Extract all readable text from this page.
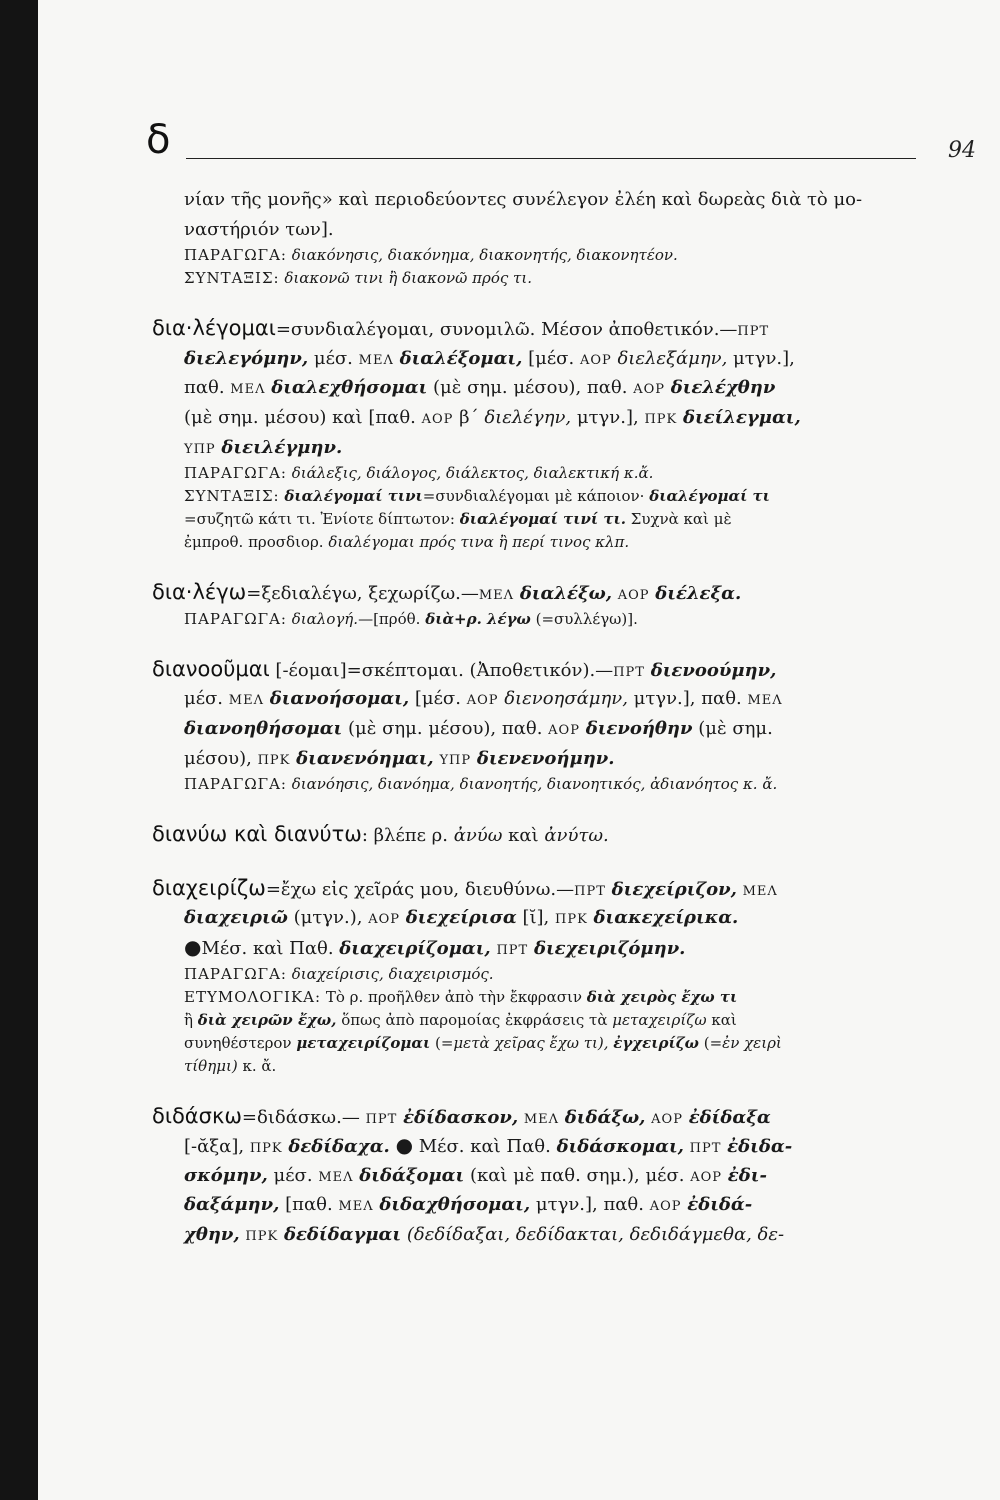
δ	94
νίαν τῆς μονῆς» καὶ περιοδεύοντες συνέλεγον ἐλέη καὶ δωρεὰς διὰ τὸ μο-
ναστήριόν των].
ΠΑΡΑΓΩΓΑ: διακόνησις, διακόνημα, διακονητής, διακονητέον.
ΣΥΝΤΑΞΙΣ: διακονῶ τινι ἢ διακονῶ πρός τι.
δια·λέγομαι=συνδιαλέγομαι, συνομιλῶ. Μέσον ἀποθετικόν.—ΠΡΤ
διελεγόμην, μέσ. ΜΕΛ διαλέξομαι, [μέσ. ΑΟΡ διελεξάμην, μτγν.],
παθ. ΜΕΛ διαλεχθήσομαι (μὲ σημ. μέσου), παθ. ΑΟΡ διελέχθην
(μὲ σημ. μέσου) καὶ [παθ. ΑΟΡ β΄ διελέγην, μτγν.], ΠΡΚ διείλεγμαι,
ΥΠΡ διειλέγμην.
ΠΑΡΑΓΩΓΑ: διάλεξις, διάλογος, διάλεκτος, διαλεκτική κ.ἄ.
ΣΥΝΤΑΞΙΣ: διαλέγομαί τινι=συνδιαλέγομαι μὲ κάποιον· διαλέγομαί τι
=συζητῶ κάτι τι. Ἐνίοτε δίπτωτον: διαλέγομαί τινί τι. Συχνὰ καὶ μὲ
ἐμπροθ. προσδιορ. διαλέγομαι πρός τινα ἢ περί τινος κλπ.
δια·λέγω=ξεδιαλέγω, ξεχωρίζω.—ΜΕΛ διαλέξω, ΑΟΡ διέλεξα.
ΠΑΡΑΓΩΓΑ: διαλογή.—[πρόθ. διὰ+ρ. λέγω (=συλλέγω)].
διανοοῦμαι [-έομαι]=σκέπτομαι. (Ἀποθετικόν).—ΠΡΤ διενοούμην,
μέσ. ΜΕΛ διανοήσομαι, [μέσ. ΑΟΡ διενοησάμην, μτγν.], παθ. ΜΕΛ
διανοηθήσομαι (μὲ σημ. μέσου), παθ. ΑΟΡ διενοήθην (μὲ σημ.
μέσου), ΠΡΚ διανενόημαι, ΥΠΡ διενενοήμην.
ΠΑΡΑΓΩΓΑ: διανόησις, διανόημα, διανοητής, διανοητικός, ἀδιανόητος κ. ἄ.
διανύω καὶ διανύτω: βλέπε ρ. ἀνύω καὶ ἀνύτω.
διαχειρίζω=ἔχω εἰς χεῖράς μου, διευθύνω.—ΠΡΤ διεχείριζον, ΜΕΛ
διαχειριῶ (μτγν.), ΑΟΡ διεχείρισα [ῐ], ΠΡΚ διακεχείρικα.
●Μέσ. καὶ Παθ. διαχειρίζομαι, ΠΡΤ διεχειριζόμην.
ΠΑΡΑΓΩΓΑ: διαχείρισις, διαχειρισμός.
ΕΤΥΜΟΛΟΓΙΚΑ: Τὸ ρ. προῆλθεν ἀπὸ τὴν ἔκφρασιν διὰ χειρὸς ἔχω τι
ἢ διὰ χειρῶν ἔχω, ὅπως ἀπὸ παρομοίας ἐκφράσεις τὰ μεταχειρίζω καὶ
συνηθέστερον μεταχειρίζομαι (=μετὰ χεῖρας ἔχω τι), ἐγχειρίζω (=ἐν χειρὶ
τίθημι) κ. ἄ.
διδάσκω=διδάσκω.— ΠΡΤ ἐδίδασκον, ΜΕΛ διδάξω, ΑΟΡ ἐδίδαξα
[-ᾰξα], ΠΡΚ δεδίδαχα. ● Μέσ. καὶ Παθ. διδάσκομαι, ΠΡΤ ἐδιδα-
σκόμην, μέσ. ΜΕΛ διδάξομαι (καὶ μὲ παθ. σημ.), μέσ. ΑΟΡ ἐδι-
δαξάμην, [παθ. ΜΕΛ διδαχθήσομαι, μτγν.], παθ. ΑΟΡ ἐδιδά-
χθην, ΠΡΚ δεδίδαγμαι (δεδίδαξαι, δεδίδακται, δεδιδάγμεθα, δε-
